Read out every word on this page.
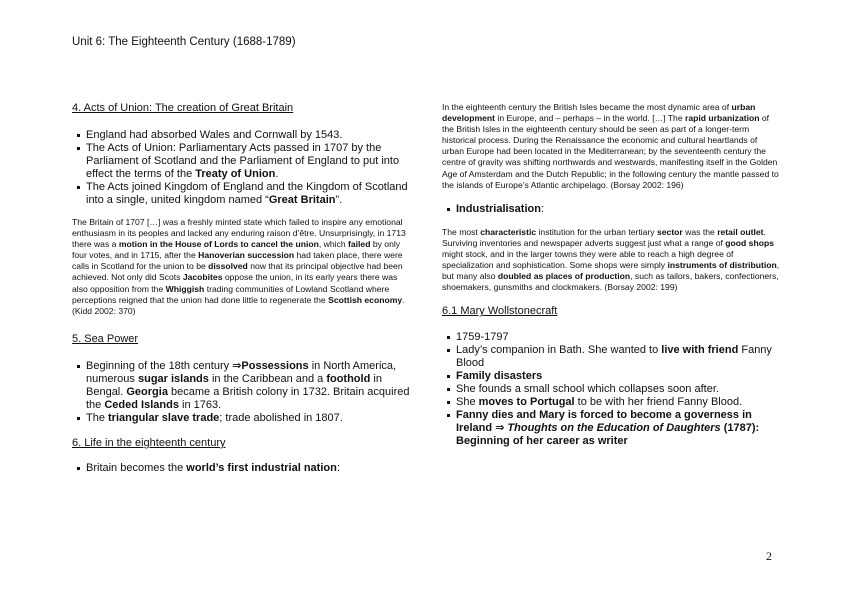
Unit 6: The Eighteenth Century (1688-1789)

4. Acts of Union: The creation of Great Britain

England had absorbed Wales and Cornwall by 1543.
The Acts of Union: Parliamentary Acts passed in 1707 by the Parliament of Scotland and the Parliament of England to put into effect the terms of the Treaty of Union.
The Acts joined Kingdom of England and the Kingdom of Scotland into a single, united kingdom named “Great Britain”.

The Britain of 1707 […] was a freshly minted state which failed to inspire any emotional enthusiasm in its peoples and lacked any enduring raison d’être. Unsurprisingly, in 1713 there was a motion in the House of Lords to cancel the union, which failed by only four votes, and in 1715, after the Hanoverian succession had taken place, there were calls in Scotland for the union to be dissolved now that its principal objective had been achieved. Not only did Scots Jacobites oppose the union, in its early years there was also opposition from the Whiggish trading communities of Lowland Scotland where perceptions reigned that the union had done little to regenerate the Scottish economy. (Kidd 2002: 370)

5. Sea Power

Beginning of the 18th century ⇒Possessions in North America, numerous sugar islands in the Caribbean and a foothold in Bengal. Georgia became a British colony in 1732. Britain acquired the Ceded Islands in 1763.
The triangular slave trade; trade abolished in 1807.

6. Life in the eighteenth century

Britain becomes the world’s first industrial nation:

In the eighteenth century the British Isles became the most dynamic area of urban development in Europe, and – perhaps – in the world. […] The rapid urbanization of the British Isles in the eighteenth century should be seen as part of a longer-term historical process. During the Renaissance the economic and cultural heartlands of urban Europe had been located in the Mediterranean; by the seventeenth century the centre of gravity was shifting northwards and westwards, manifesting itself in the Golden Age of Amsterdam and the Dutch Republic; in the following century the mantle passed to the islands of Europe’s Atlantic archipelago. (Borsay 2002: 196)

Industrialisation:

The most characteristic institution for the urban tertiary sector was the retail outlet. Surviving inventories and newspaper adverts suggest just what a range of good shops might stock, and in the larger towns they were able to reach a high degree of specialization and sophistication. Some shops were simply instruments of distribution, but many also doubled as places of production, such as tailors, bakers, confectioners, shoemakers, gunsmiths and clockmakers. (Borsay 2002: 199)

6.1 Mary Wollstonecraft

1759-1797
Lady’s companion in Bath. She wanted to live with friend Fanny Blood
Family disasters
She founds a small school which collapses soon after.
She moves to Portugal to be with her friend Fanny Blood.
Fanny dies and Mary is forced to become a governess in Ireland ⇒ Thoughts on the Education of Daughters (1787): Beginning of her career as writer
2
